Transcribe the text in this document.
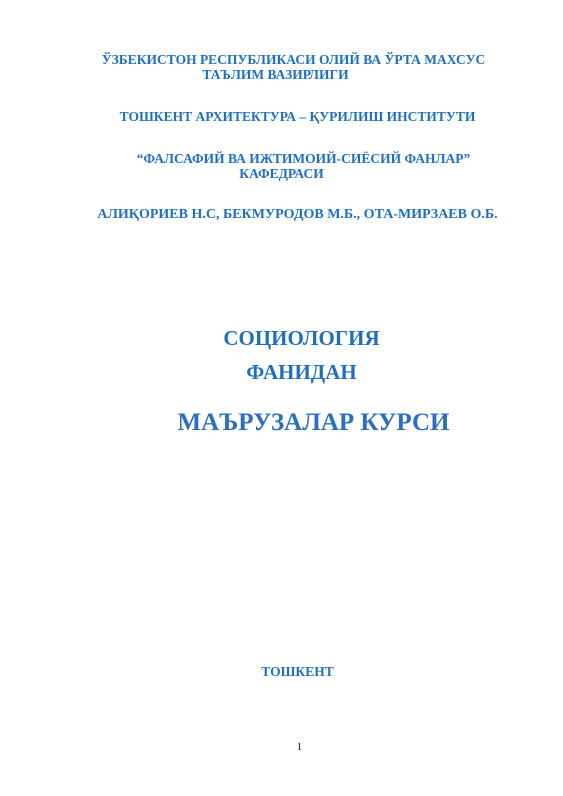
ЎЗБЕКИСТОН РЕСПУБЛИКАСИ ОЛИЙ ВА ЎРТА МАХСУС
ТАЪЛИМ ВАЗИРЛИГИ
ТОШКЕНТ АРХИТЕКТУРА – ҚУРИЛИШ ИНСТИТУТИ
“ФАЛСАФИЙ ВА ИЖТИМОИЙ-СИЁСИЙ ФАНЛАР”
КАФЕДРАСИ
АЛИҚОРИЕВ Н.С, БЕКМУРОДОВ М.Б., ОТА-МИРЗАЕВ О.Б.
СОЦИОЛОГИЯ
ФАНИДАН
МАЪРУЗАЛАР КУРСИ
ТОШКЕНТ
1
